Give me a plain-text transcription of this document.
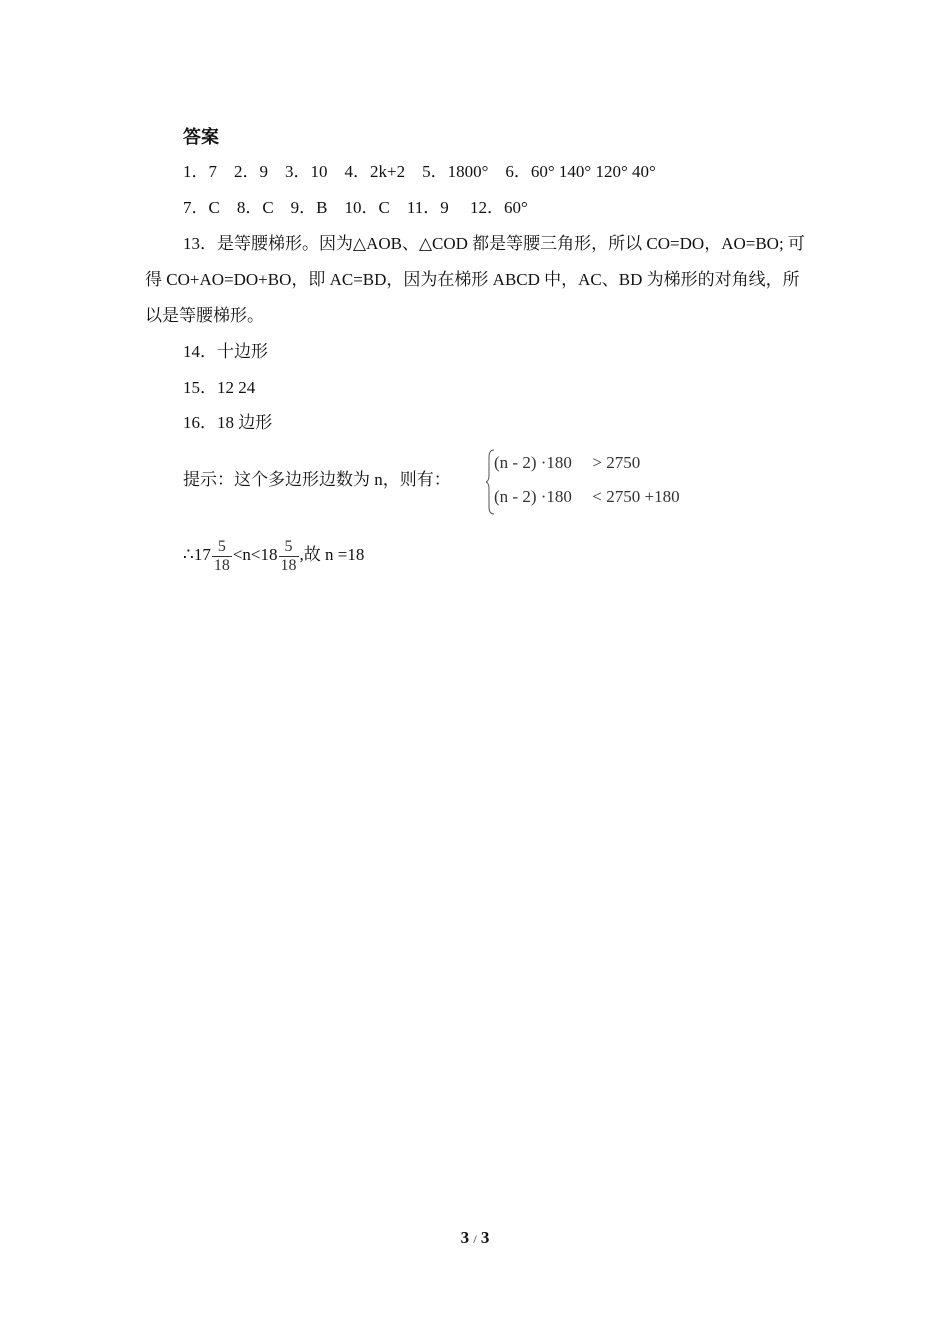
答案
1．7　2．9　3．10　4．2k+2　5．1800°　6．60° 140° 120° 40°
7．C　8．C　9．B　10．C　11．9　 12．60°
13．是等腰梯形。因为△AOB、△COD 都是等腰三角形，所以 CO=DO，AO=BO; 可得 CO+AO=DO+BO，即 AC=BD，因为在梯形 ABCD 中，AC、BD 为梯形的对角线，所以是等腰梯形。
14．十边形
15．12 24
16．18 边形
提示：这个多边形边数为 n，则有：
(n - 2) ·180 > 2750
(n - 2) ·180 < 2750 +180
∴17 $\frac{5}{18} <n<18 \frac{5}{18}$ ,故 n =18
3 / 3
